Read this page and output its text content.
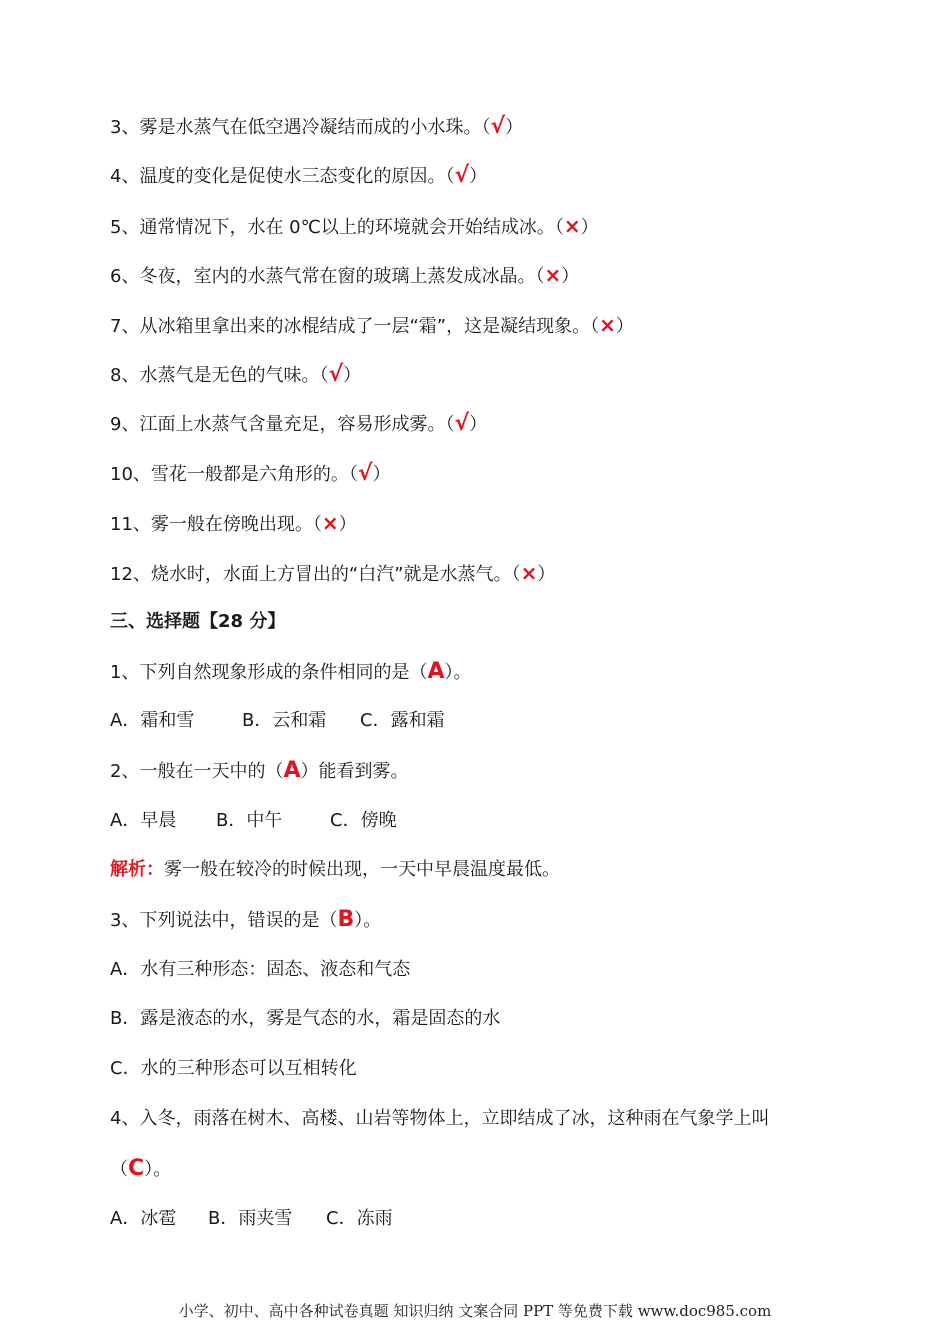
3、雾是水蒸气在低空遇冷凝结而成的小水珠。（√）
4、温度的变化是促使水三态变化的原因。（√）
5、通常情况下，水在 0℃以上的环境就会开始结成冰。（×）
6、冬夜，室内的水蒸气常在窗的玻璃上蒸发成冰晶。（×）
7、从冰箱里拿出来的冰棍结成了一层“霜”，这是凝结现象。（×）
8、水蒸气是无色的气味。（√）
9、江面上水蒸气含量充足，容易形成雾。（√）
10、雪花一般都是六角形的。（√）
11、雾一般在傍晚出现。（×）
12、烧水时，水面上方冒出的“白汽”就是水蒸气。（×）
三、选择题【28 分】
1、下列自然现象形成的条件相同的是（A）。
A．霜和雪	B．云和霜 C．露和霜
2、一般在一天中的（A）能看到雾。
A．早晨 B．中午	C．傍晚
解析：雾一般在较冷的时候出现，一天中早晨温度最低。
3、下列说法中，错误的是（B）。
A．水有三种形态：固态、液态和气态
B．露是液态的水，雾是气态的水，霜是固态的水
C．水的三种形态可以互相转化
4、入冬，雨落在树木、高楼、山岩等物体上，立即结成了冰，这种雨在气象学上叫
（C）。
A．冰雹 B．雨夹雪 C．冻雨
小学、初中、高中各种试卷真题 知识归纳 文案合同 PPT 等免费下载 www.doc985.com
